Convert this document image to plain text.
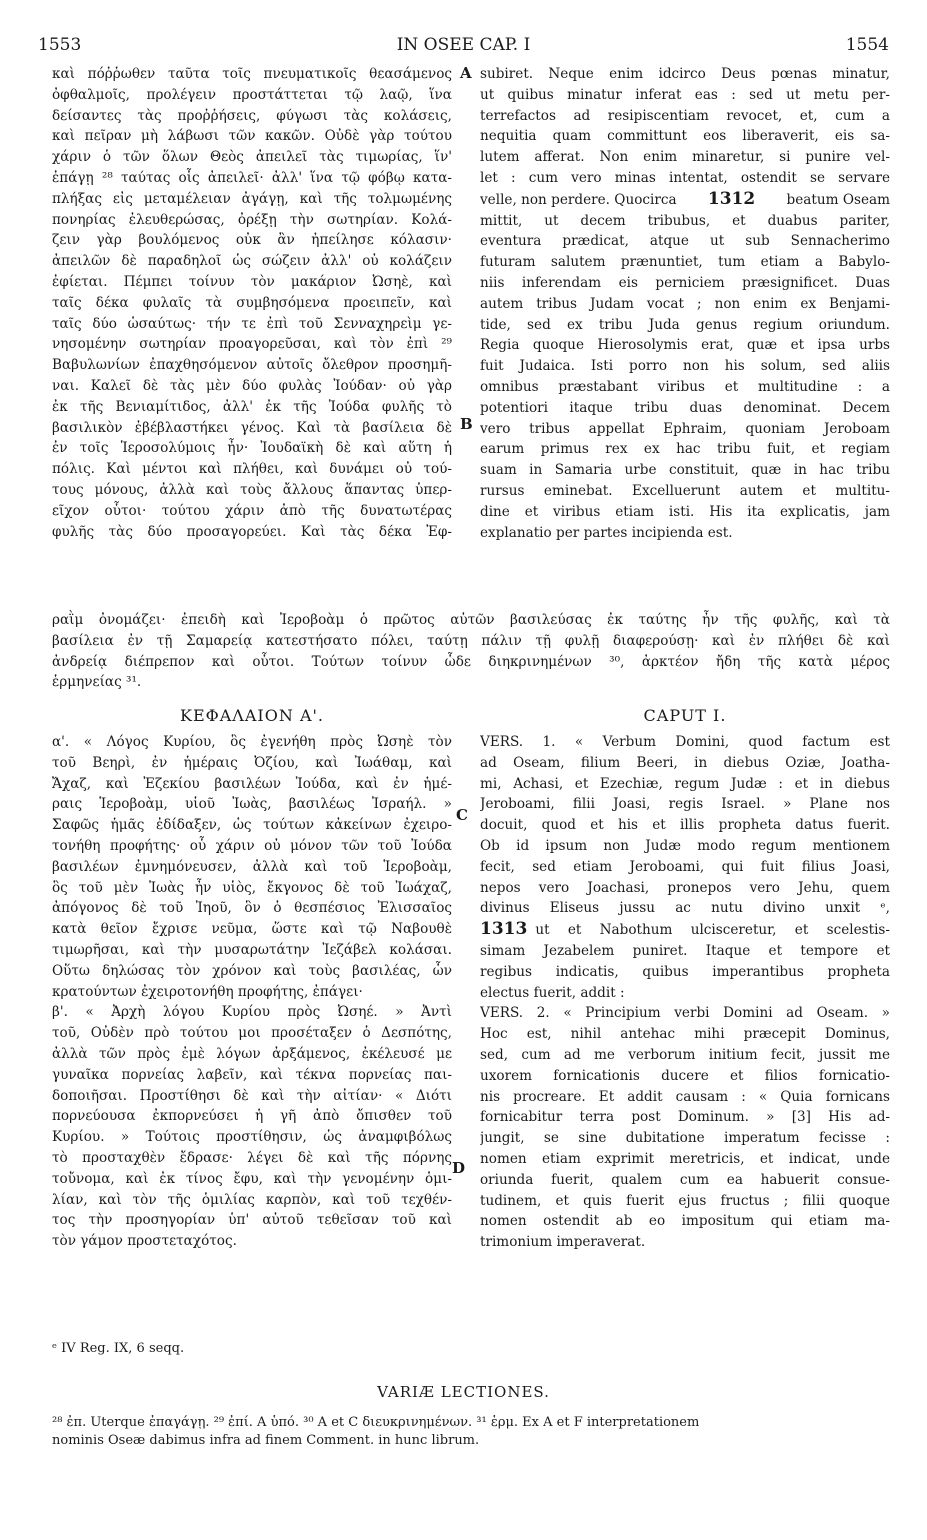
1553	IN OSEE CAP. I	1554
A
B
C
D
καὶ πόῤῥωθεν ταῦτα τοῖς πνευματικοῖς θεασάμενος
ὀφθαλμοῖς, προλέγειν προστάττεται τῷ λαῷ, ἵνα
δείσαντες τὰς προῤῥήσεις, φύγωσι τὰς κολάσεις,
καὶ πεῖραν μὴ λάβωσι τῶν κακῶν. Οὐδὲ γὰρ τούτου
χάριν ὁ τῶν ὅλων Θεὸς ἀπειλεῖ τὰς τιμωρίας, ἵν'
ἐπάγῃ ²⁸ ταύτας οἷς ἀπειλεῖ· ἀλλ' ἵνα τῷ φόβῳ κατα-
πλήξας εἰς μεταμέλειαν ἀγάγῃ, καὶ τῆς τολμωμένης
πονηρίας ἐλευθερώσας, ὀρέξῃ τὴν σωτηρίαν. Κολά-
ζειν γὰρ βουλόμενος οὐκ ἂν ἠπείλησε κόλασιν·
ἀπειλῶν δὲ παραδηλοῖ ὡς σώζειν ἀλλ' οὐ κολάζειν
ἐφίεται. Πέμπει τοίνυν τὸν μακάριον Ὠσηὲ, καὶ
ταῖς δέκα φυλαῖς τὰ συμβησόμενα προειπεῖν, καὶ
ταῖς δύο ὡσαύτως· τήν τε ἐπὶ τοῦ Σενναχηρεὶμ γε-
νησομένην σωτηρίαν προαγορεῦσαι, καὶ τὸν ἐπὶ ²⁹
Βαβυλωνίων ἐπαχθησόμενον αὐτοῖς ὄλεθρον προσημῆ-
ναι. Καλεῖ δὲ τὰς μὲν δύο φυλὰς Ἰούδαν· οὐ γὰρ
ἐκ τῆς Βενιαμίτιδος, ἀλλ' ἐκ τῆς Ἰούδα φυλῆς τὸ
βασιλικὸν ἐβέβλαστήκει γένος. Καὶ τὰ βασίλεια δὲ
ἐν τοῖς Ἱεροσολύμοις ἦν· Ἰουδαϊκὴ δὲ καὶ αὕτη ἡ
πόλις. Καὶ μέντοι καὶ πλήθει, καὶ δυνάμει οὐ τού-
τους μόνους, ἀλλὰ καὶ τοὺς ἄλλους ἅπαντας ὑπερ-
εῖχον οὗτοι· τούτου χάριν ἀπὸ τῆς δυνατωτέρας
φυλῆς τὰς δύο προσαγορεύει. Καὶ τὰς δέκα Ἐφ-
subiret. Neque enim idcirco Deus pœnas minatur,
ut quibus minatur inferat eas : sed ut metu per-
terrefactos ad resipiscentiam revocet, et, cum a
nequitia quam committunt eos liberaverit, eis sa-
lutem afferat. Non enim minaretur, si punire vel-
let : cum vero minas intentat, ostendit se servare
velle, non perdere. Quocirca 1312 beatum Oseam
mittit, ut decem tribubus, et duabus pariter,
eventura prædicat, atque ut sub Sennacherimo
futuram salutem prænuntiet, tum etiam a Babylo-
niis inferendam eis perniciem præsignificet. Duas
autem tribus Judam vocat ; non enim ex Benjami-
tide, sed ex tribu Juda genus regium oriundum.
Regia quoque Hierosolymis erat, quæ et ipsa urbs
fuit Judaica. Isti porro non his solum, sed aliis
omnibus præstabant viribus et multitudine : a
potentiori itaque tribu duas denominat. Decem
vero tribus appellat Ephraim, quoniam Jeroboam
earum primus rex ex hac tribu fuit, et regiam
suam in Samaria urbe constituit, quæ in hac tribu
rursus eminebat. Excelluerunt autem et multitu-
dine et viribus etiam isti. His ita explicatis, jam
explanatio per partes incipienda est.
ραῒμ ὀνομάζει· ἐπειδὴ καὶ Ἰεροβοὰμ ὁ πρῶτος αὐτῶν βασιλεύσας ἐκ ταύτης ἦν τῆς φυλῆς, καὶ τὰ
βασίλεια ἐν τῇ Σαμαρείᾳ κατεστήσατο πόλει, ταύτῃ πάλιν τῇ φυλῇ διαφερούσῃ· καὶ ἐν πλήθει δὲ καὶ
ἀνδρείᾳ διέπρεπον καὶ οὗτοι. Τούτων τοίνυν ὧδε διηκρινημένων ³⁰, ἀρκτέον ἤδη τῆς κατὰ μέρος
ἑρμηνείας ³¹.
ΚΕΦΑΛΑΙΟΝ Α'.	CAPUT I.
α'. « Λόγος Κυρίου, ὃς ἐγενήθη πρὸς Ὠσηὲ τὸν
τοῦ Βεηρὶ, ἐν ἡμέραις Ὀζίου, καὶ Ἰωάθαμ, καὶ
Ἄχαζ, καὶ Ἐζεκίου βασιλέων Ἰούδα, καὶ ἐν ἡμέ-
ραις Ἱεροβοὰμ, υἱοῦ Ἰωὰς, βασιλέως Ἰσραήλ. »
Σαφῶς ἡμᾶς ἐδίδαξεν, ὡς τούτων κἀκείνων ἐχειρο-
τονήθη προφήτης· οὗ χάριν οὐ μόνον τῶν τοῦ Ἰούδα
βασιλέων ἐμνημόνευσεν, ἀλλὰ καὶ τοῦ Ἱεροβοὰμ,
ὃς τοῦ μὲν Ἰωὰς ἦν υἱὸς, ἔκγονος δὲ τοῦ Ἰωάχαζ,
ἀπόγονος δὲ τοῦ Ἰηοῦ, ὃν ὁ θεσπέσιος Ἐλισσαῖος
κατὰ θεῖον ἔχρισε νεῦμα, ὥστε καὶ τῷ Ναβουθὲ
τιμωρῆσαι, καὶ τὴν μυσαρωτάτην Ἰεζάβελ κολάσαι.
Οὕτω δηλώσας τὸν χρόνον καὶ τοὺς βασιλέας, ὧν
κρατούντων ἐχειροτονήθη προφήτης, ἐπάγει·
β'. « Ἀρχὴ λόγου Κυρίου πρὸς Ὠσηέ. » Ἀντὶ
τοῦ, Οὐδὲν πρὸ τούτου μοι προσέταξεν ὁ Δεσπότης,
ἀλλὰ τῶν πρὸς ἐμὲ λόγων ἀρξάμενος, ἐκέλευσέ με
γυναῖκα πορνείας λαβεῖν, καὶ τέκνα πορνείας παι-
δοποιῆσαι. Προστίθησι δὲ καὶ τὴν αἰτίαν· « Διότι
πορνεύουσα ἐκπορνεύσει ἡ γῆ ἀπὸ ὄπισθεν τοῦ
Κυρίου. » Τούτοις προστίθησιν, ὡς ἀναμφιβόλως
τὸ προσταχθὲν ἔδρασε· λέγει δὲ καὶ τῆς πόρνης
τοὔνομα, καὶ ἐκ τίνος ἔφυ, καὶ τὴν γενομένην ὁμι-
λίαν, καὶ τὸν τῆς ὁμιλίας καρπὸν, καὶ τοῦ τεχθέν-
τος τὴν προσηγορίαν ὑπ' αὐτοῦ τεθεῖσαν τοῦ καὶ
τὸν γάμον προστεταχότος.
VERS. 1. « Verbum Domini, quod factum est
ad Oseam, filium Beeri, in diebus Oziæ, Joatha-
mi, Achasi, et Ezechiæ, regum Judæ : et in diebus
Jeroboami, filii Joasi, regis Israel. » Plane nos
docuit, quod et his et illis propheta datus fuerit.
Ob id ipsum non Judæ modo regum mentionem
fecit, sed etiam Jeroboami, qui fuit filius Joasi,
nepos vero Joachasi, pronepos vero Jehu, quem
divinus Eliseus jussu ac nutu divino unxit ᵉ,
1313 ut et Nabothum ulcisceretur, et scelestis-
simam Jezabelem puniret. Itaque et tempore et
regibus indicatis, quibus imperantibus propheta
electus fuerit, addit :
VERS. 2. « Principium verbi Domini ad Oseam. »
Hoc est, nihil antehac mihi præcepit Dominus,
sed, cum ad me verborum initium fecit, jussit me
uxorem fornicationis ducere et filios fornicatio-
nis procreare. Et addit causam : « Quia fornicans
fornicabitur terra post Dominum. » [3] His ad-
jungit, se sine dubitatione imperatum fecisse :
nomen etiam exprimit meretricis, et indicat, unde
oriunda fuerit, qualem cum ea habuerit consue-
tudinem, et quis fuerit ejus fructus ; filii quoque
nomen ostendit ab eo impositum qui etiam ma-
trimonium imperaverat.
ᵉ IV Reg. IX, 6 seqq.
VARIÆ LECTIONES.
²⁸ ἐπ. Uterque ἐπαγάγῃ. ²⁹ ἐπί. A ὑπό. ³⁰ A et C διευκρινημένων. ³¹ ἑρμ. Ex A et F interpretationem
nominis Oseæ dabimus infra ad finem Comment. in hunc librum.
